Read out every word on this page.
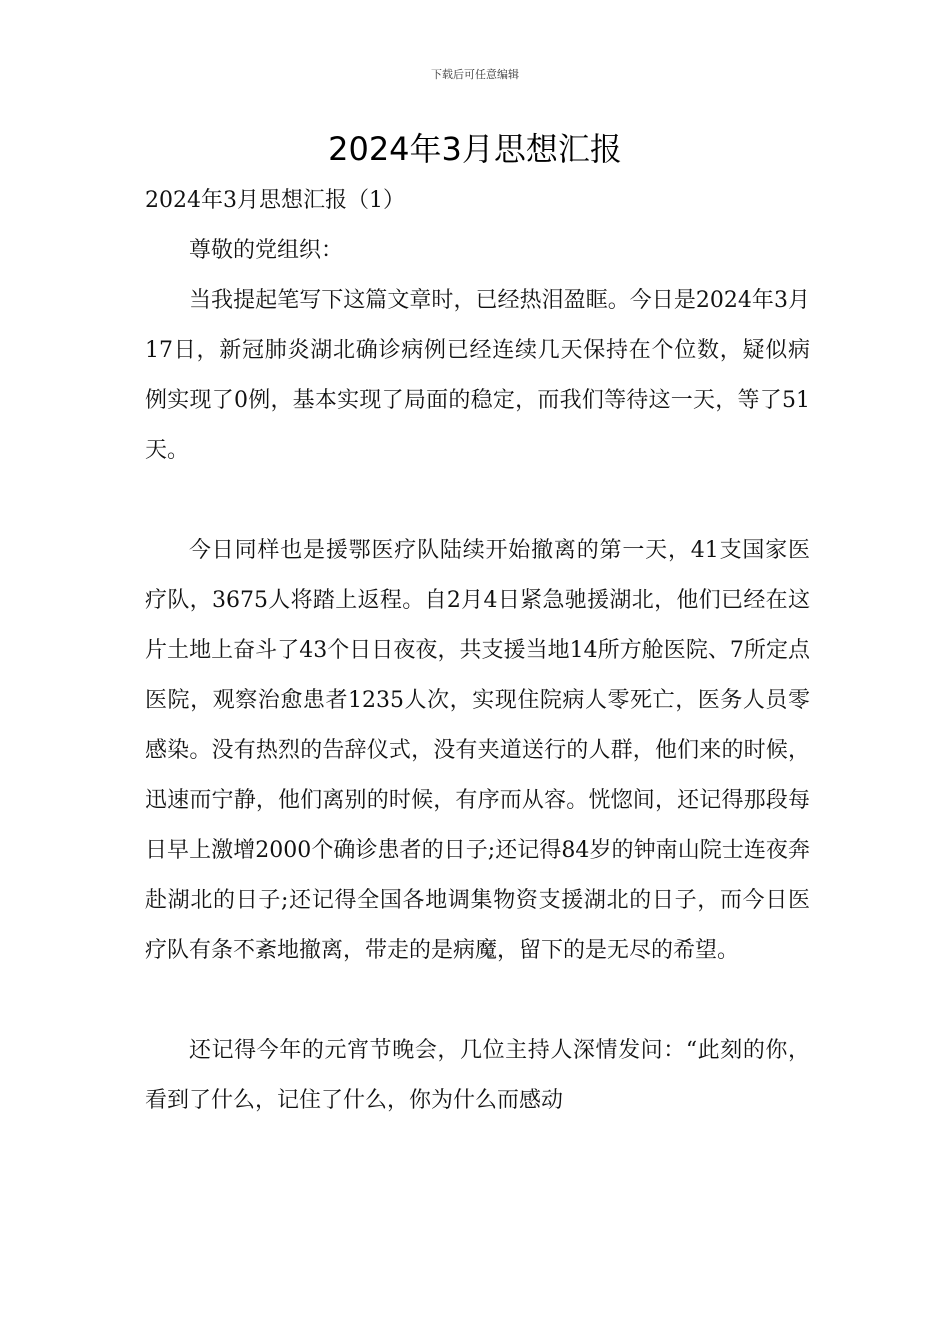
下载后可任意编辑
2024年3月思想汇报

2024年3月思想汇报（1）

尊敬的党组织：

当我提起笔写下这篇文章时，已经热泪盈眶。今日是2024年3月17日，新冠肺炎湖北确诊病例已经连续几天保持在个位数，疑似病例实现了0例，基本实现了局面的稳定，而我们等待这一天，等了51天。

今日同样也是援鄂医疗队陆续开始撤离的第一天，41支国家医疗队，3675人将踏上返程。自2月4日紧急驰援湖北，他们已经在这片土地上奋斗了43个日日夜夜，共支援当地14所方舱医院、7所定点医院，观察治愈患者1235人次，实现住院病人零死亡，医务人员零感染。没有热烈的告辞仪式，没有夹道送行的人群，他们来的时候，迅速而宁静，他们离别的时候，有序而从容。恍惚间，还记得那段每日早上激增2000个确诊患者的日子;还记得84岁的钟南山院士连夜奔赴湖北的日子;还记得全国各地调集物资支援湖北的日子，而今日医疗队有条不紊地撤离，带走的是病魔，留下的是无尽的希望。

还记得今年的元宵节晚会，几位主持人深情发问：“此刻的你，看到了什么，记住了什么，你为什么而感动
